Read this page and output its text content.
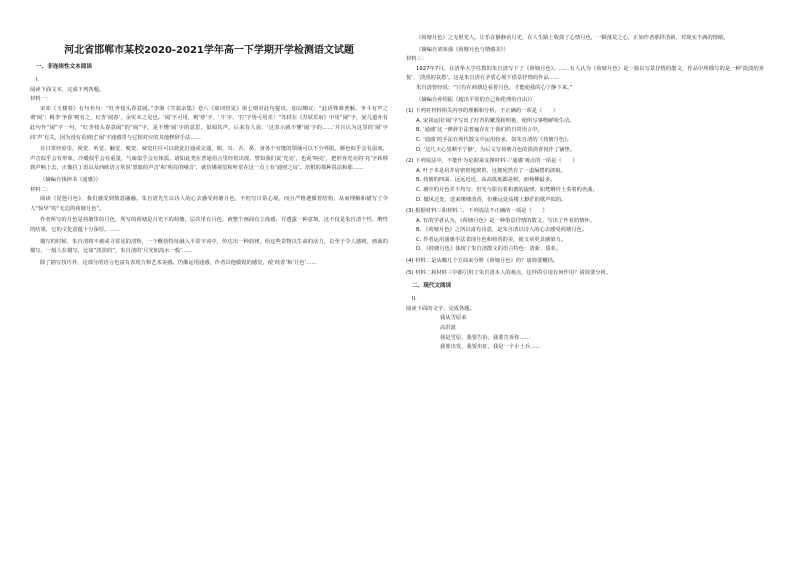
河北省邯郸市某校2020-2021学年高一下学期开学检测语文试题
一、非连续性文本阅读

I.

阅读下面文本，完成下列各题。

材料一：

宋祁《玉楼春》有句名句：“红杏枝头春意闹。”李渔《笠翁余集》卷八《窥词管见》第七则对此句提出，加以嘲议：“此语殊难著解。争斗有声之谓‘闹’；桃李‘争春’则有之，红杏‘闹春’，余实未之见也。‘闹’字可用，则‘炒’字、‘斗’字、‘打’字皆可用矣！”苏轼在《苏轼乐府》中用“闹”字，晏几道亦有此句作“闹”字一句，“红杏枝头春意闹”的“闹”字，是不懂‘闹’字的意思，似闻其声。后来有人说：‘这表示就不懂‘闹’字的……’并且认为这里的‘闹’字同‘声’有关，因为没有看到过‘闹’字通感里与它相对应的其他修辞手法……

在日常经验里，视觉、听觉、触觉、嗅觉、味觉往往可以彼此打通或交通，眼、耳、舌、鼻、身各个官能的领域可以不分界限。颜色似乎会有温度，声音似乎会有形象，冷暖似乎会有重量，气味似乎会有体质。诸如此类在普通语言里经常出现。譬如我们说‘光亮’，也说‘响亮’，把形容光亮的‘亮’字转移到声响上去，正像拉丁语以及西欧语言常说‘黑暗的声音’和‘明亮的嗓音’，就仿佛视觉和听觉在这一点上有‘通财之谊’。培根的那种说法和那……

（摘编自钱钟书《通感》）

材料二：

阅读《琵琶月色》，我们感受到情意融融。朱自清先生以诗人的心去感受荷塘月色，不但写日常心境，而且严格遵循着结构，从而理解和描写了令人“惊异”的“无边的荷塘月色”。

作者所写的月色是荷塘里的月色，所写的荷塘是月光下的荷塘，层次里有月色，就整个画面有立体感，并透露一种意境，这不仅是朱自清个性、脾性的结果，它的文化意蕴十分深厚。……

描写的时候，朱自清将不被或寻常见的清辉，一个概括特征融入平常字词中，传达出一种韵律，给这些景物以生命的活力，以至于令人感到。画面的描写，一般人在描写，比如“淡淡的”，朱自清的‘月光如流水一般’……

除了描写技巧外，这部分的语言也富有表现力和艺术美感。仍像运用通感，作者以他敏锐的感觉，使‘荷香’和‘月色’……

《荷塘月色》之无垠光人，让乐在静静看月光，在人生路上收敛了心情月色，一颗落荒之心，正如作者那样清新，对现实不满的情绪。

（摘编自刘荣强《荷塘月色与情感美》）

材料三：

1927年7月，在清华大学任教的朱自清写下了《荷塘月色》。……有人认为《荷塘月色》是一篇以写景抒情的散文，作品中所描写的是一种‘淡淡的喜悦’、‘淡淡的哀愁’。这是朱自清在矛盾心境下借景抒情的作品……

朱自清曾经说：“只有在荷塘边看着月色，才能使我的心宁静下来。”

（摘编自孙绍振《超出平常的自己和伦理的自由》）

(1) 下列对材料相关内容的理解和分析，不正确的一项是（　　）

A. 宋祁运用‘闹’字写出了红杏的繁茂和明艳，使所写事物鲜明生动。

B. ‘通感’这一修辞手法普遍存在于我们的日常语言中。

C. ‘通感’的手法在现代散文中运用较多，如朱自清的《荷塘月色》。

D. ‘这几天心里颇不宁静’，为后文写荷塘月色的淡淡喜悦作了铺垫。

(2) 下列说法中，不能作为论据来支撑材料三‘通感’观点的一项是（　　）

A. 叶子本是肩并肩密密地挨着，这便宛然有了一道凝碧的波痕。

B. 荷塘的四面，远远近近，高高低低都是树，而杨柳最多。

C. 塘中的月色并不均匀；但光与影有着和谐的旋律，如梵婀玲上奏着的名曲。

D. 微风过处，送来缕缕清香，仿佛远处高楼上渺茫的歌声似的。

(3) 根据材料三和材料二，下列说法不正确的一项是（　　）

A. 有的学者认为，《荷塘月色》是一种借景抒情的散文，写出了作者的情怀。

B. 《荷塘月色》之所以富有诗意，是朱自清以诗人的心去感受荷塘月色。

C. 作者运用通感手法表现月色和荷香的美，使文章更具感染力。

D. 《荷塘月色》体现了朱自清散文的语言特色：清新、质朴。

(4) 材料二是从哪几个方面来分析《荷塘月色》的？请简要概括。

(5) 材料二和材料三中都引用了朱自清本人的观点，这样的引用有何作用？请简要分析。

二、现代文阅读

II.

阅读下面的文字，完成各题。

我从雪原来

高洪波

我是雪原，我要告诉，我要告诉你……

我要出发，我要出征，我是一个小士兵……
